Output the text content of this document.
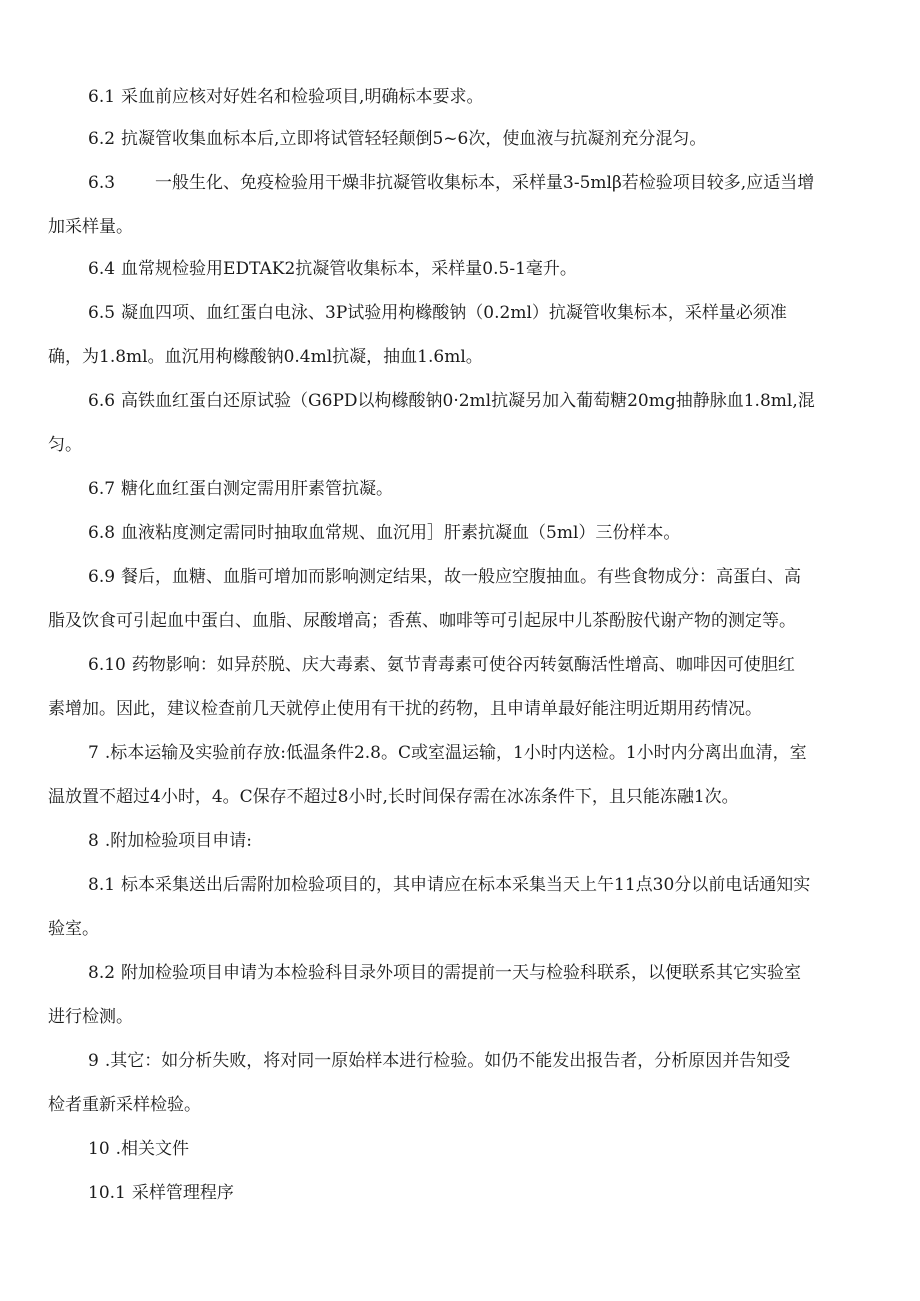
6.1 采血前应核对好姓名和检验项目,明确标本要求。
6.2 抗凝管收集血标本后,立即将试管轻轻颠倒5~6次，使血液与抗凝剂充分混匀。
6.3　　一般生化、免疫检验用干燥非抗凝管收集标本，采样量3-5mlβ若检验项目较多,应适当增
加采样量。
6.4 血常规检验用EDTAK2抗凝管收集标本，采样量0.5-1毫升。
6.5 凝血四项、血红蛋白电泳、3P试验用枸橼酸钠（0.2ml）抗凝管收集标本，采样量必须准
确，为1.8ml。血沉用枸橼酸钠0.4ml抗凝，抽血1.6ml。
6.6 高铁血红蛋白还原试验（G6PD以枸橼酸钠0·2ml抗凝另加入葡萄糖20mg抽静脉血1.8ml,混
匀。
6.7 糖化血红蛋白测定需用肝素管抗凝。
6.8 血液粘度测定需同时抽取血常规、血沉用］肝素抗凝血（5ml）三份样本。
6.9 餐后，血糖、血脂可增加而影响测定结果，故一般应空腹抽血。有些食物成分：高蛋白、高
脂及饮食可引起血中蛋白、血脂、尿酸增高；香蕉、咖啡等可引起尿中儿茶酚胺代谢产物的测定等。
6.10 药物影响：如异菸脱、庆大毒素、氨节青毒素可使谷丙转氨酶活性增高、咖啡因可使胆红
素增加。因此，建议检查前几天就停止使用有干扰的药物，且申请单最好能注明近期用药情况。
7 .标本运输及实验前存放:低温条件2.8。C或室温运输，1小时内送检。1小时内分离出血清，室
温放置不超过4小时，4。C保存不超过8小时,长时间保存需在冰冻条件下，且只能冻融1次。
8 .附加检验项目申请:
8.1 标本采集送出后需附加检验项目的，其申请应在标本采集当天上午11点30分以前电话通知实
验室。
8.2 附加检验项目申请为本检验科目录外项目的需提前一天与检验科联系，以便联系其它实验室
进行检测。
9 .其它：如分析失败，将对同一原始样本进行检验。如仍不能发出报告者，分析原因并告知受
检者重新采样检验。
10 .相关文件
10.1 采样管理程序
